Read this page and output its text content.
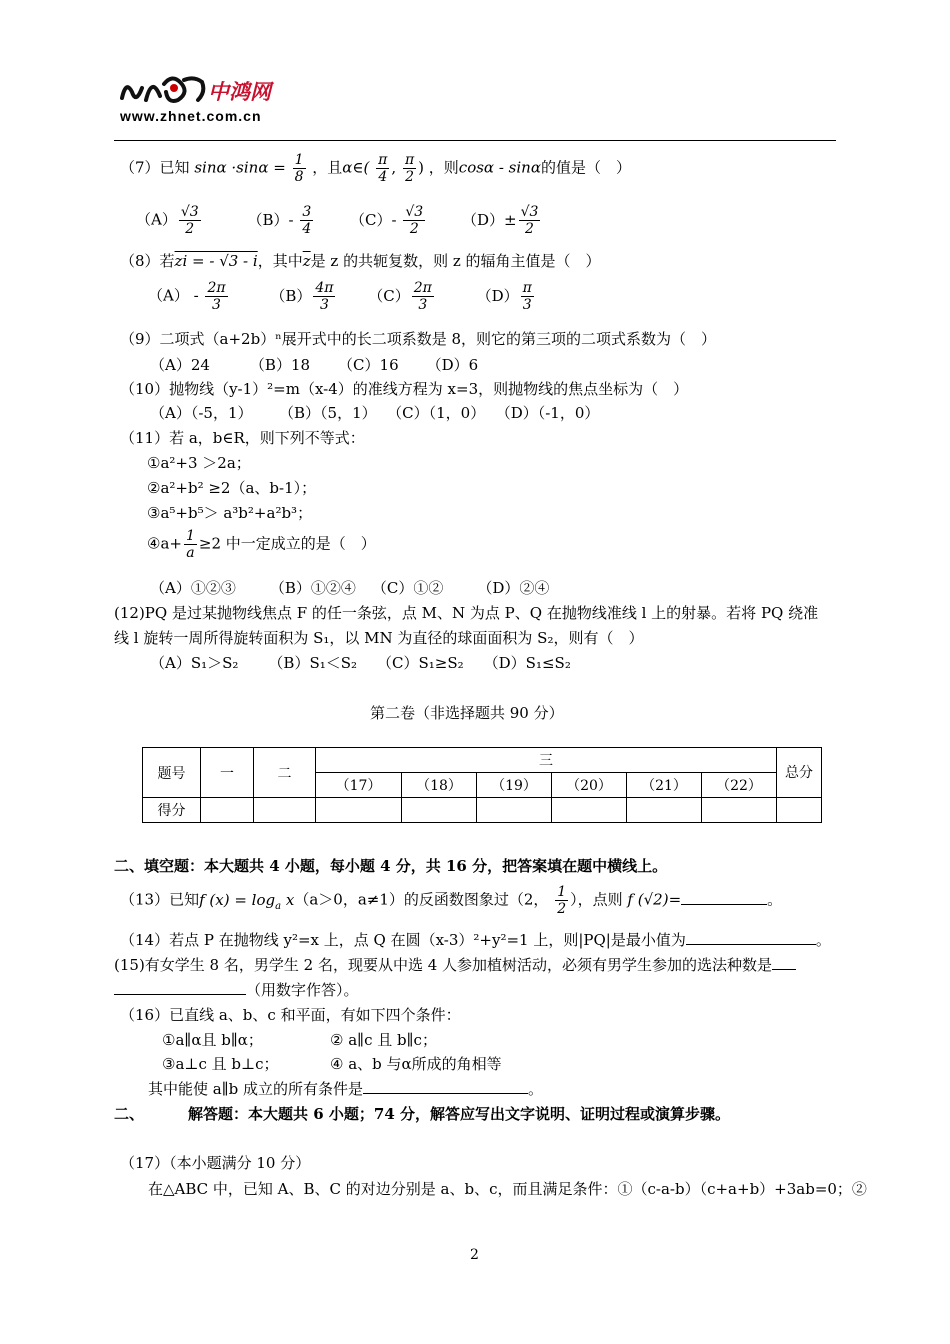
中鸿网
www.zhnet.com.cn
（7）已知 $\sin\alpha \cdot\sin\alpha = \frac{1}{8}$ ，且α∈( $\frac{\pi}{4}$ , $\frac{\pi}{2}$ ) ，则cosα - sinα的值是（　）
$(A) \frac{√3}{2}$	$(B)- \frac{3}{4} (C)- \frac{√3}{2} (D)\pm \frac{√3}{2}$
（8）若zi = - √3 - i，其中$\overline{z}$是 z 的共轭复数，则 z 的辐角主值是（　）
$(A) - \frac{2\pi}{3}$	$(B) \frac{4\pi}{3} (C) \frac{2\pi}{3}$	$(D) \frac{\pi}{3}$
（9）二项式（a+2b）ⁿ展开式中的长二项系数是 8，则它的第三项的二项式系数为（　）
（A）24	（B）18 （C）16 （D）6
（10）抛物线（y-1）²=m（x-4）的准线方程为 x=3，则抛物线的焦点坐标为（　）
（A）（-5，1） （B）（5，1） （C）（1，0） （D）（-1，0）
（11）若 a，b∈R，则下列不等式：
①a²+3 ＞2a；
②a²+b² ≥2（a、b-1）；
③a⁵+b⁵＞ a³b²+a²b³；
④a+ $\frac{1}{a} \ge 2$ 中一定成立的是（　）
（A）①②③ （B）①②④ （C）①② （D）②④
(12)PQ 是过某抛物线焦点 F 的任一条弦，点 M、N 为点 P、Q 在抛物线准线 l 上的射暴。若将 PQ 绕准
线 l 旋转一周所得旋转面积为 S₁，以 MN 为直径的球面面积为 S₂，则有（　）
（A）S₁＞S₂ （B）S₁＜S₂ （C）S₁≥S₂ （D）S₁≤S₂
第二卷（非选择题共 90 分）
题号	一	二	三						总分
			（17）	（18）	（19）	（20）	（21）	（22）	
得分									
二、填空题：本大题共 4 小题，每小题 4 分，共 16 分，把答案填在题中横线上。
（13）已知f $(x) = \log_a x(a>0$，a≠1）的反函数图象过（2， $\frac{1}{2}$ ），点则 f (√2)=	。
（14）若点 P 在抛物线 y²=x 上，点 Q 在圆（x-3）²+y²=1 上，则|PQ|是最小值为	。
(15)有女学生 8 名，男学生 2 名，现要从中选 4 人参加植树活动，必须有男学生参加的选法种数是
（用数字作答）。
（16）已直线 a、b、c 和平面，有如下四个条件：
①a∥α且 b∥α；	② a∥c 且 b∥c；
③a⊥c 且 b⊥c；	④ a、b 与α所成的角相等
其中能使 a∥b 成立的所有条件是	。
二、	解答题：本大题共 6 小题；74 分，解答应写出文字说明、证明过程或演算步骤。
（17）（本小题满分 10 分）
在△ABC 中，已知 A、B、C 的对边分别是 a、b、c，而且满足条件：①（c-a-b）（c+a+b）+3ab=0；②
2
